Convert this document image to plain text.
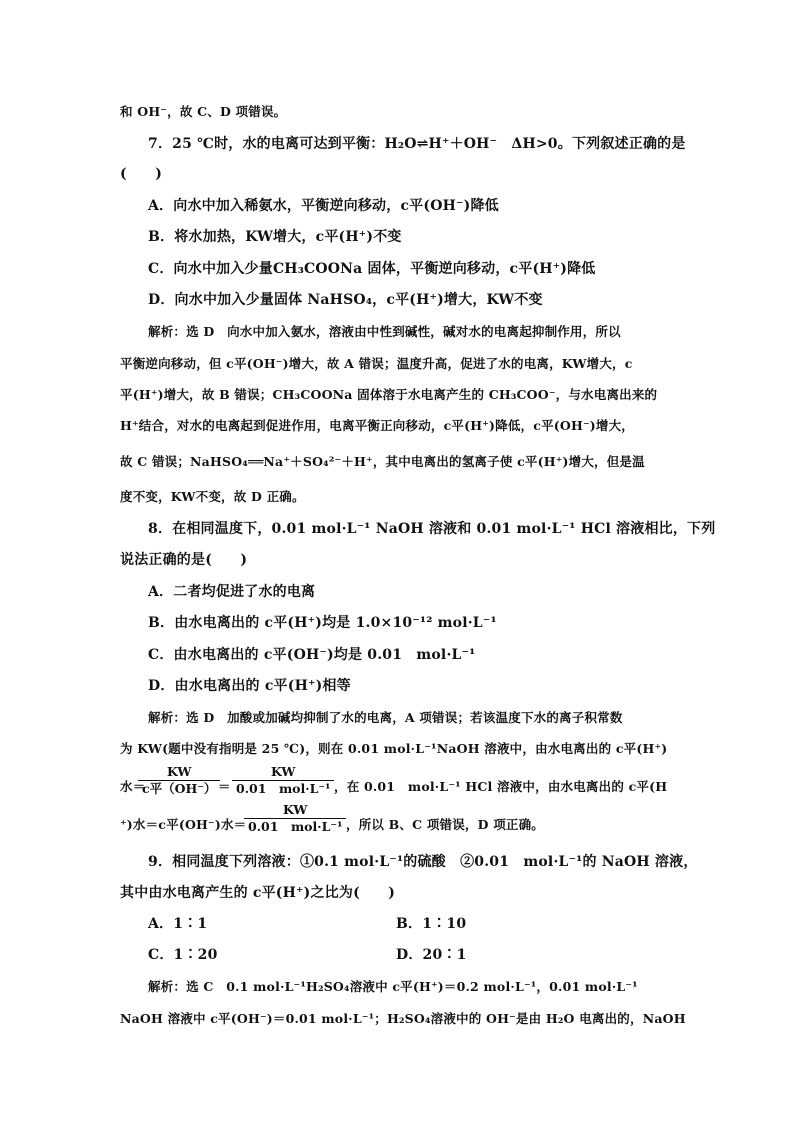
和 OH⁻，故 C、D 项错误。
7．25 ℃时，水的电离可达到平衡：H₂O⇌H⁺＋OH⁻　ΔH>0。下列叙述正确的是
(　　)
A．向水中加入稀氨水，平衡逆向移动，c平(OH⁻)降低
B．将水加热，KW增大，c平(H⁺)不变
C．向水中加入少量CH₃COONa 固体，平衡逆向移动，c平(H⁺)降低
D．向水中加入少量固体 NaHSO₄，c平(H⁺)增大，KW不变
解析：选 D　向水中加入氨水，溶液由中性到碱性，碱对水的电离起抑制作用，所以
平衡逆向移动，但 c平(OH⁻)增大，故 A 错误；温度升高，促进了水的电离，KW增大，c
平(H⁺)增大，故 B 错误；CH₃COONa 固体溶于水电离产生的 CH₃COO⁻，与水电离出来的
H⁺结合，对水的电离起到促进作用，电离平衡正向移动，c平(H⁺)降低，c平(OH⁻)增大，
故 C 错误；NaHSO₄══Na⁺＋SO₄²⁻＋H⁺，其中电离出的氢离子使 c平(H⁺)增大，但是温
度不变，KW不变，故 D 正确。
8．在相同温度下，0.01 mol·L⁻¹ NaOH 溶液和 0.01 mol·L⁻¹ HCl 溶液相比，下列
说法正确的是(　　)
A．二者均促进了水的电离
B．由水电离出的 c平(H⁺)均是 1.0×10⁻¹² mol·L⁻¹
C．由水电离出的 c平(OH⁻)均是 0.01　mol·L⁻¹
D．由水电离出的 c平(H⁺)相等
解析：选 D　加酸或加碱均抑制了水的电离，A 项错误；若该温度下水的离子积常数
为 KW(题中没有指明是 25 ℃)，则在 0.01 mol·L⁻¹NaOH 溶液中，由水电离出的 c平(H⁺)
水＝
KW
c平（OH⁻） ＝
KW
0.01　mol·L⁻¹ ，在 0.01　mol·L⁻¹ HCl 溶液中，由水电离出的 c平(H
⁺)水＝c平(OH⁻)水＝
KW
0.01　mol·L⁻¹ ，所以 B、C 项错误，D 项正确。
9．相同温度下列溶液：①0.1 mol·L⁻¹的硫酸　②0.01　mol·L⁻¹的 NaOH 溶液，
其中由水电离产生的 c平(H⁺)之比为(　　)
A．1∶1	B．1∶10
C．1∶20	D．20∶1
解析：选 C　0.1 mol·L⁻¹H₂SO₄溶液中 c平(H⁺)＝0.2 mol·L⁻¹，0.01 mol·L⁻¹
NaOH 溶液中 c平(OH⁻)＝0.01 mol·L⁻¹；H₂SO₄溶液中的 OH⁻是由 H₂O 电离出的，NaOH
